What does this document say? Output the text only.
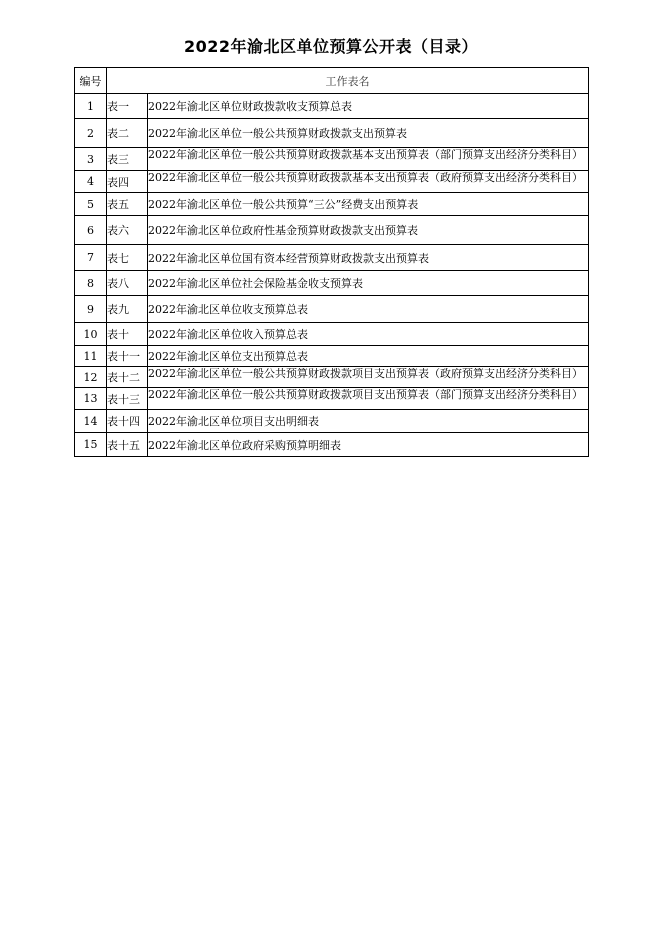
2022年渝北区单位预算公开表（目录）
编号	工作表名	
1	表一	2022年渝北区单位财政拨款收支预算总表
2	表二	2022年渝北区单位一般公共预算财政拨款支出预算表
3	表三	2022年渝北区单位一般公共预算财政拨款基本支出预算表（部门预算支出经济分类科目）

4	表四	2022年渝北区单位一般公共预算财政拨款基本支出预算表（政府预算支出经济分类科目）

5	表五	2022年渝北区单位一般公共预算“三公”经费支出预算表
6	表六	2022年渝北区单位政府性基金预算财政拨款支出预算表
7	表七	2022年渝北区单位国有资本经营预算财政拨款支出预算表
8	表八	2022年渝北区单位社会保险基金收支预算表
9	表九	2022年渝北区单位收支预算总表
10	表十	2022年渝北区单位收入预算总表
11	表十一	2022年渝北区单位支出预算总表
12	表十二	2022年渝北区单位一般公共预算财政拨款项目支出预算表（政府预算支出经济分类科目）

13	表十三	2022年渝北区单位一般公共预算财政拨款项目支出预算表（部门预算支出经济分类科目）

14	表十四	2022年渝北区单位项目支出明细表
15	表十五	2022年渝北区单位政府采购预算明细表
